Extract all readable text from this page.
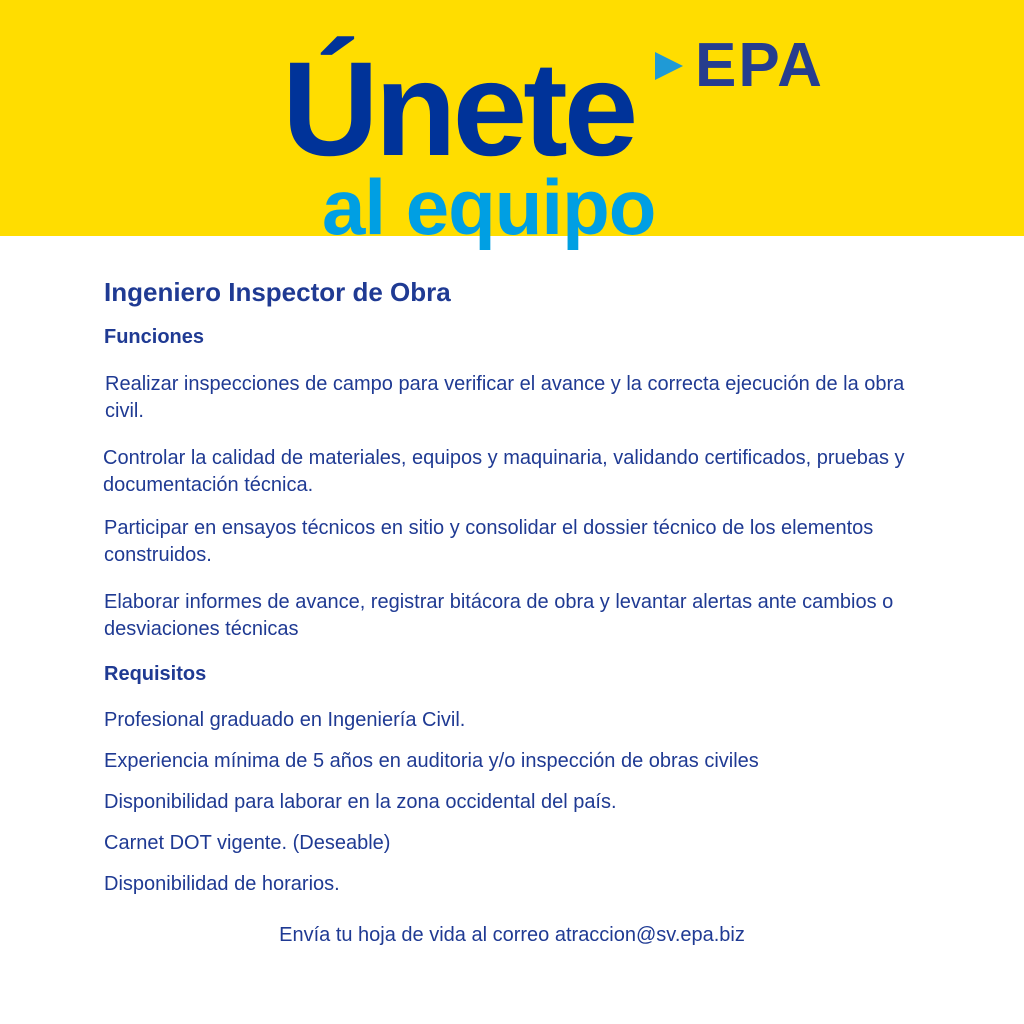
Únete
al equipo
EPA
Ingeniero Inspector de Obra
Funciones
Realizar inspecciones de campo para verificar el avance y la correcta ejecución de la obra civil.
Controlar la calidad de materiales, equipos y maquinaria, validando certificados, pruebas y documentación técnica.
Participar en ensayos técnicos en sitio y consolidar el dossier técnico de los elementos construidos.
Elaborar informes de avance, registrar bitácora de obra y levantar alertas ante cambios o desviaciones técnicas
Requisitos
Profesional graduado en Ingeniería Civil.
Experiencia mínima de 5 años en auditoria y/o inspección de obras civiles
Disponibilidad para laborar en la zona occidental del país.
Carnet DOT vigente. (Deseable)
Disponibilidad de horarios.
Envía tu hoja de vida al correo atraccion@sv.epa.biz
